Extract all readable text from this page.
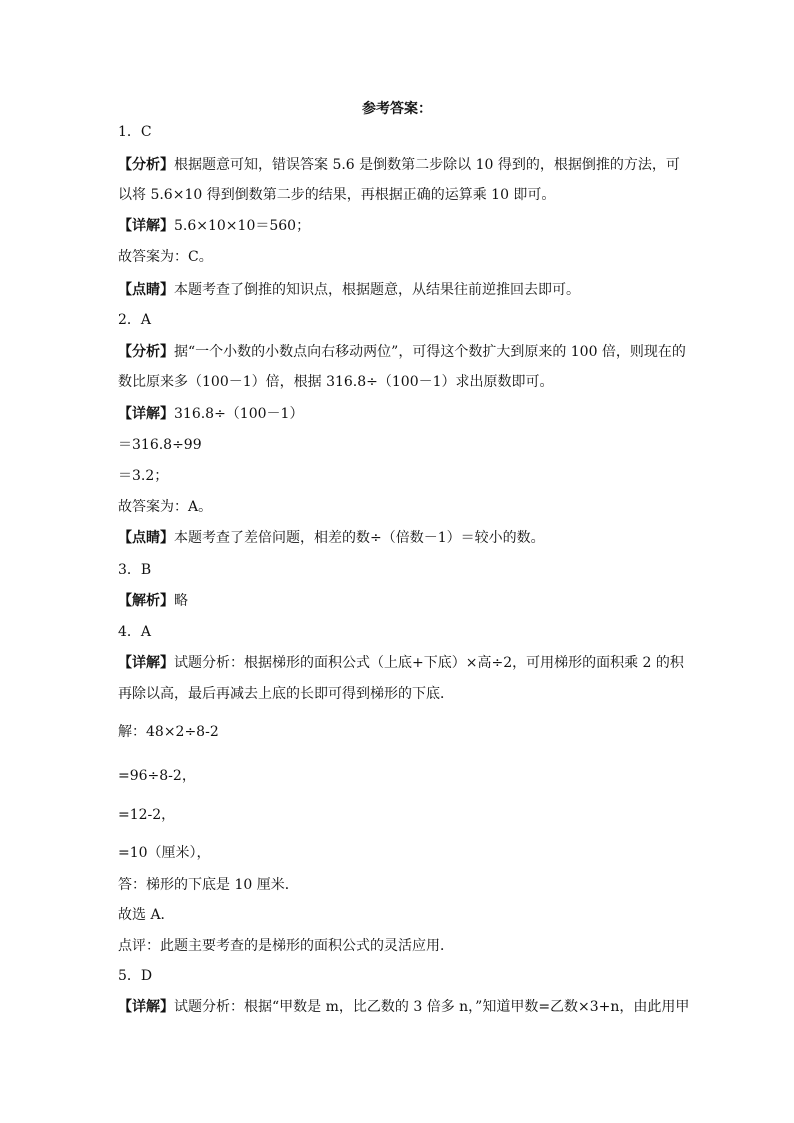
参考答案：
1．C
【分析】根据题意可知，错误答案 5.6 是倒数第二步除以 10 得到的，根据倒推的方法，可
以将 5.6×10 得到倒数第二步的结果，再根据正确的运算乘 10 即可。
【详解】5.6×10×10＝560；
故答案为：C。
【点睛】本题考查了倒推的知识点，根据题意，从结果往前逆推回去即可。
2．A
【分析】据“一个小数的小数点向右移动两位”，可得这个数扩大到原来的 100 倍，则现在的
数比原来多（100－1）倍，根据 316.8÷（100－1）求出原数即可。
【详解】316.8÷（100－1）
＝316.8÷99
＝3.2；
故答案为：A。
【点睛】本题考查了差倍问题，相差的数÷（倍数－1）＝较小的数。
3．B
【解析】略
4．A
【详解】试题分析：根据梯形的面积公式（上底+下底）×高÷2，可用梯形的面积乘 2 的积
再除以高，最后再减去上底的长即可得到梯形的下底．
解：48×2÷8-2
=96÷8-2，
=12-2，
=10（厘米），
答：梯形的下底是 10 厘米．
故选 A．
点评：此题主要考查的是梯形的面积公式的灵活应用．
5．D
【详解】试题分析：根据“甲数是 m，比乙数的 3 倍多 n，”知道甲数=乙数×3+n，由此用甲
